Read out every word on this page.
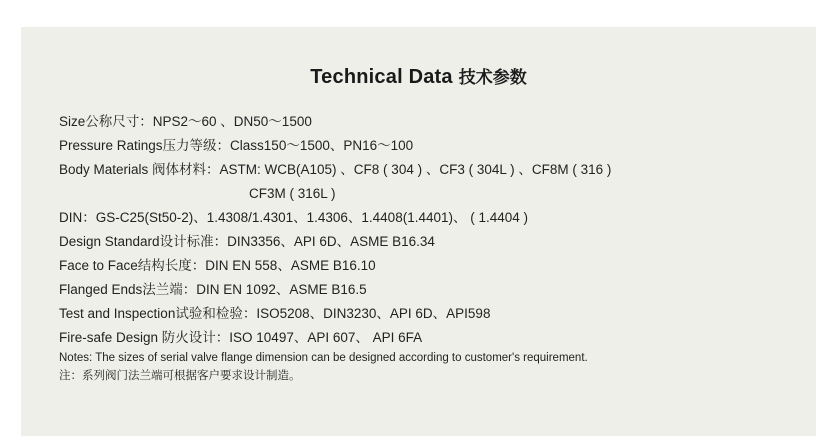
Technical Data 技术参数
Size公称尺寸：NPS2～60 、DN50～1500
Pressure Ratings压力等级：Class150～1500、PN16～100
Body Materials 阀体材料：ASTM: WCB(A105) 、CF8 ( 304 ) 、CF3 ( 304L ) 、CF8M ( 316 )
CF3M ( 316L )
DIN：GS-C25(St50-2)、1.4308/1.4301、1.4306、1.4408(1.4401)、 ( 1.4404 )
Design Standard设计标准：DIN3356、API 6D、ASME B16.34
Face to Face结构长度：DIN EN 558、ASME B16.10
Flanged Ends法兰端：DIN EN 1092、ASME B16.5
Test and Inspection试验和检验：ISO5208、DIN3230、API 6D、API598
Fire-safe Design 防火设计：ISO 10497、API 607、 API 6FA
Notes: The sizes of serial valve flange dimension can be designed according to customer's requirement.
注：系列阀门法兰端可根据客户要求设计制造。
